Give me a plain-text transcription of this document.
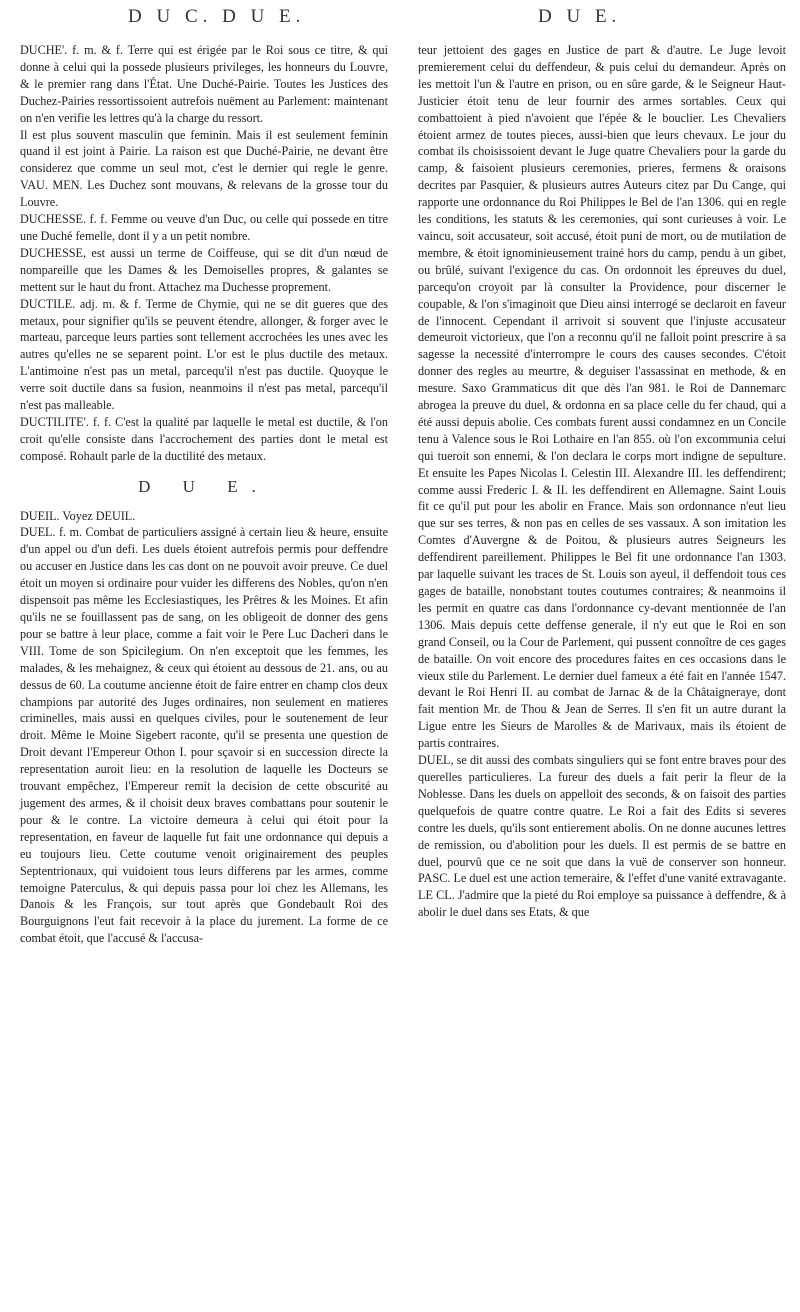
D U C. D U E.	D U E.

DUCHE'. f. m. & f. Terre qui est érigée par le Roi sous ce titre, & qui donne à celui qui la possede plusieurs privileges, les honneurs du Louvre, & le premier rang dans l'État. Une Duché-Pairie. Toutes les Justices des Duchez-Pairies ressortissoient autrefois nuëment au Parlement: maintenant on n'en verifie les lettres qu'à la charge du ressort.

Il est plus souvent masculin que feminin. Mais il est seulement feminin quand il est joint à Pairie. La raison est que Duché-Pairie, ne devant être considerez que comme un seul mot, c'est le dernier qui regle le genre. VAU. MEN. Les Duchez sont mouvans, & relevans de la grosse tour du Louvre.

DUCHESSE. f. f. Femme ou veuve d'un Duc, ou celle qui possede en titre une Duché femelle, dont il y a un petit nombre.

DUCHESSE, est aussi un terme de Coiffeuse, qui se dit d'un nœud de nompareille que les Dames & les Demoiselles propres, & galantes se mettent sur le haut du front. Attachez ma Duchesse proprement.

DUCTILE. adj. m. & f. Terme de Chymie, qui ne se dit gueres que des metaux, pour signifier qu'ils se peuvent étendre, allonger, & forger avec le marteau, parceque leurs parties sont tellement accrochées les unes avec les autres qu'elles ne se separent point. L'or est le plus ductile des metaux. L'antimoine n'est pas un metal, parcequ'il n'est pas ductile. Quoyque le verre soit ductile dans sa fusion, neanmoins il n'est pas metal, parcequ'il n'est pas malleable.

DUCTILITE'. f. f. C'est la qualité par laquelle le metal est ductile, & l'on croit qu'elle consiste dans l'accrochement des parties dont le metal est composé. Rohault parle de la ductilité des metaux.

D U E.

DUEIL. Voyez DEUIL.

DUEL. f. m. Combat de particuliers assigné à certain lieu & heure, ensuite d'un appel ou d'un defi. Les duels étoient autrefois permis pour deffendre ou accuser en Justice dans les cas dont on ne pouvoit avoir preuve. Ce duel étoit un moyen si ordinaire pour vuider les differens des Nobles, qu'on n'en dispensoit pas même les Ecclesiastiques, les Prêtres & les Moines. Et afin qu'ils ne se fouillassent pas de sang, on les obligeoit de donner des gens pour se battre à leur place, comme a fait voir le Pere Luc Dacheri dans le VIII. Tome de son Spicilegium. On n'en exceptoit que les femmes, les malades, & les mehaignez, & ceux qui étoient au dessous de 21. ans, ou au dessus de 60. La coutume ancienne étoit de faire entrer en champ clos deux champions par autorité des Juges ordinaires, non seulement en matieres criminelles, mais aussi en quelques civiles, pour le soutenement de leur droit. Même le Moine Sigebert raconte, qu'il se presenta une question de Droit devant l'Empereur Othon I. pour sçavoir si en succession directe la representation auroit lieu: en la resolution de laquelle les Docteurs se trouvant empêchez, l'Empereur remit la decision de cette obscurité au jugement des armes, & il choisit deux braves combattans pour soutenir le pour & le contre. La victoire demeura à celui qui étoit pour la representation, en faveur de laquelle fut fait une ordonnance qui depuis a eu toujours lieu. Cette coutume venoit originairement des peuples Septentrionaux, qui vuidoient tous leurs differens par les armes, comme temoigne Paterculus, & qui depuis passa pour loi chez les Allemans, les Danois & les François, sur tout après que Gondebault Roi des Bourguignons l'eut fait recevoir à la place du jurement. La forme de ce combat étoit, que l'accusé & l'accusa-

teur jettoient des gages en Justice de part & d'autre. Le Juge levoit premierement celui du deffendeur, & puis celui du demandeur. Après on les mettoit l'un & l'autre en prison, ou en sûre garde, & le Seigneur Haut-Justicier étoit tenu de leur fournir des armes sortables. Ceux qui combattoient à pied n'avoient que l'épée & le bouclier. Les Chevaliers étoient armez de toutes pieces, aussi-bien que leurs chevaux. Le jour du combat ils choisissoient devant le Juge quatre Chevaliers pour la garde du camp, & faisoient plusieurs ceremonies, prieres, fermens & oraisons decrites par Pasquier, & plusieurs autres Auteurs citez par Du Cange, qui rapporte une ordonnance du Roi Philippes le Bel de l'an 1306. qui en regle les conditions, les statuts & les ceremonies, qui sont curieuses à voir. Le vaincu, soit accusateur, soit accusé, étoit puni de mort, ou de mutilation de membre, & étoit ignominieusement trainé hors du camp, pendu à un gibet, ou brûlé, suivant l'exigence du cas. On ordonnoit les épreuves du duel, parcequ'on croyoit par là consulter la Providence, pour discerner le coupable, & l'on s'imaginoit que Dieu ainsi interrogé se declaroit en faveur de l'innocent. Cependant il arrivoit si souvent que l'injuste accusateur demeuroit victorieux, que l'on a reconnu qu'il ne falloit point prescrire à sa sagesse la necessité d'interrompre le cours des causes secondes. C'étoit donner des regles au meurtre, & deguiser l'assassinat en methode, & en mesure. Saxo Grammaticus dit que dès l'an 981. le Roi de Dannemarc abrogea la preuve du duel, & ordonna en sa place celle du fer chaud, qui a été aussi depuis abolie. Ces combats furent aussi condamnez en un Concile tenu à Valence sous le Roi Lothaire en l'an 855. où l'on excommunia celui qui tueroit son ennemi, & l'on declara le corps mort indigne de sepulture. Et ensuite les Papes Nicolas I. Celestin III. Alexandre III. les deffendirent; comme aussi Frederic I. & II. les deffendirent en Allemagne. Saint Louis fit ce qu'il put pour les abolir en France. Mais son ordonnance n'eut lieu que sur ses terres, & non pas en celles de ses vassaux. A son imitation les Comtes d'Auvergne & de Poitou, & plusieurs autres Seigneurs les deffendirent pareillement. Philippes le Bel fit une ordonnance l'an 1303. par laquelle suivant les traces de St. Louis son ayeul, il deffendoit tous ces gages de bataille, nonobstant toutes coutumes contraires; & neanmoins il les permit en quatre cas dans l'ordonnance cy-devant mentionnée de l'an 1306. Mais depuis cette deffense generale, il n'y eut que le Roi en son grand Conseil, ou la Cour de Parlement, qui pussent connoître de ces gages de bataille. On voit encore des procedures faites en ces occasions dans le vieux stile du Parlement. Le dernier duel fameux a été fait en l'année 1547. devant le Roi Henri II. au combat de Jarnac & de la Châtaigneraye, dont fait mention Mr. de Thou & Jean de Serres. Il s'en fit un autre durant la Ligue entre les Sieurs de Marolles & de Marivaux, mais ils étoient de partis contraires.

DUEL, se dit aussi des combats singuliers qui se font entre braves pour des querelles particulieres. La fureur des duels a fait perir la fleur de la Noblesse. Dans les duels on appelloit des seconds, & on faisoit des parties quelquefois de quatre contre quatre. Le Roi a fait des Edits si severes contre les duels, qu'ils sont entierement abolis. On ne donne aucunes lettres de remission, ou d'abolition pour les duels. Il est permis de se battre en duel, pourvû que ce ne soit que dans la vuë de conserver son honneur. PASC. Le duel est une action temeraire, & l'effet d'une vanité extravagante. LE CL. J'admire que la pieté du Roi employe sa puissance à deffendre, & à abolir le duel dans ses Etats, & que
